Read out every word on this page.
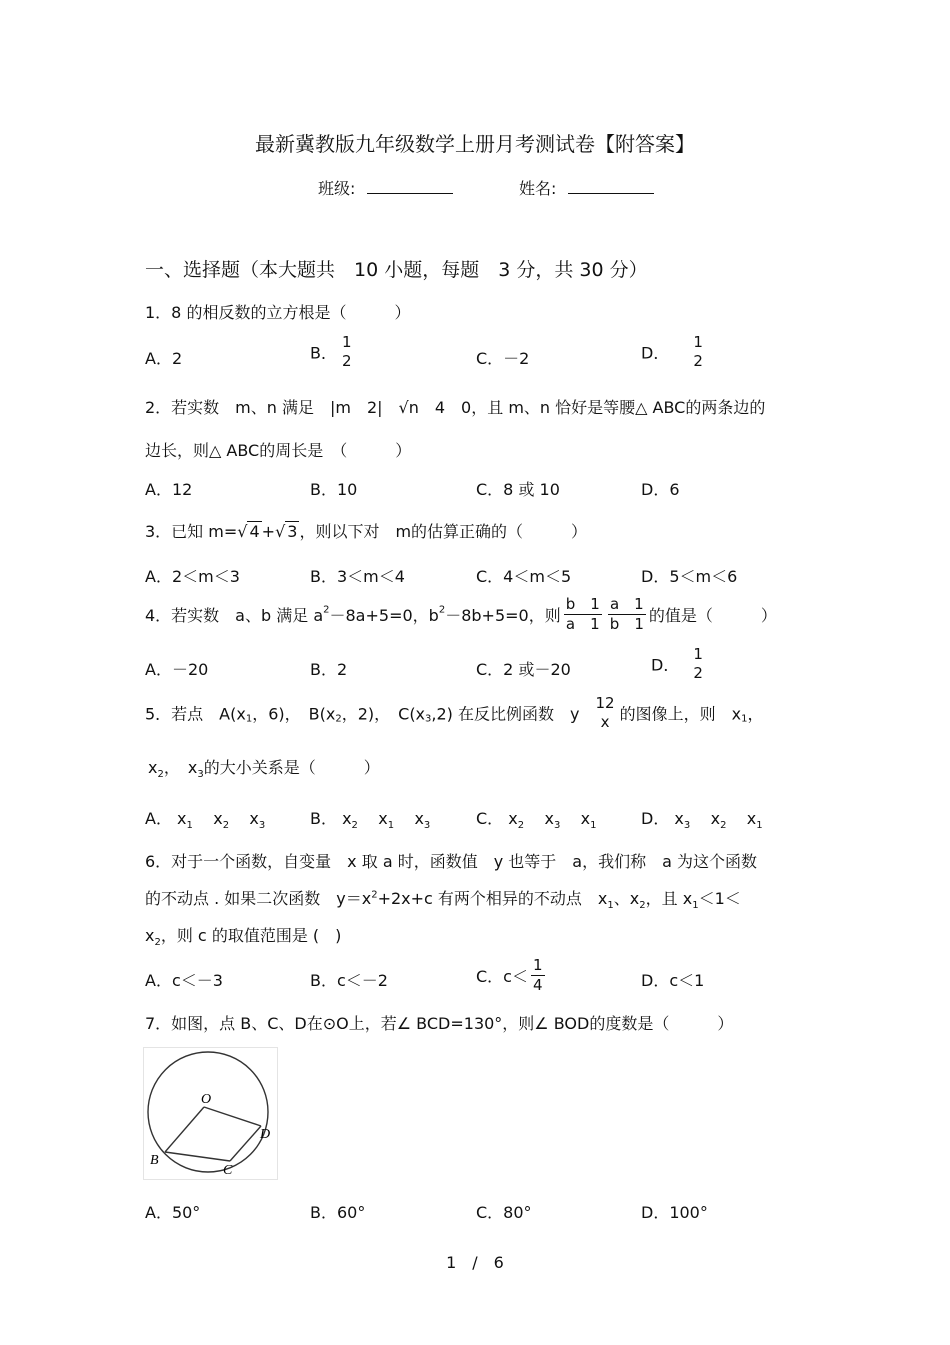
最新冀教版九年级数学上册月考测试卷【附答案】
班级:	姓名:
一、选择题（本大题共　10 小题，每题　3 分，共 30 分）
1．8 的相反数的立方根是（　　　）
A．2	B．
1
2	C．－2	D．
1
2
2．若实数　m、n 满足　|m　2|　√n　4　0，且 m、n 恰好是等腰△ ABC的两条边的
边长，则△ ABC的周长是　（　　　）
A．12	B．10	C．8 或 10	D．6
3．已知 m=√ 4 +√ 3 ，则以下对　m的估算正确的（　　　）
A．2＜m＜3	B．3＜m＜4	C．4＜m＜5	D．5＜m＜6
4．若实数　a、b 满足 $a^2-8a+5=0$，$b^2-8b+5=0$，则 $\frac{b 1}{a 1} \frac{a 1}{b 1}$ 的值是（　　　）
A．－20	B．2	C．2 或－20	D．
1
2
5．若点　$A(x_1$，6)，　$B(x_2$，2)，　$C(x_3,2)$ 在反比例函数　y
12
x 的图像上，则　$x_1$，
$x_2$，　$x_3$的大小关系是（　　　）
A． $x_1$ $x_2$ $x_3$	B． $x_2$ $x_1$ $x_3$	C． $x_2$ $x_3$ $x_1$	D． $x_3$ $x_2$ $x_1$
6．对于一个函数，自变量　x 取 a 时，函数值　y 也等于　a，我们称　a 为这个函数
的不动点 . 如果二次函数　$y=x^2+2x+c$ 有两个相异的不动点　$x_1$、$x_2$，且 $x_1<1<$
$x_2$，则 c 的取值范围是 (　)
A．c＜－3	B．c＜－2	C．$c< \frac{1}{4}$	D．c＜1
7．如图，点 B、C、D在⊙O上，若∠ BCD=130°，则∠ BOD的度数是（　　　）
O
B
C
D
A．50°	B．60°	C．80°	D．100°
1　/　6
